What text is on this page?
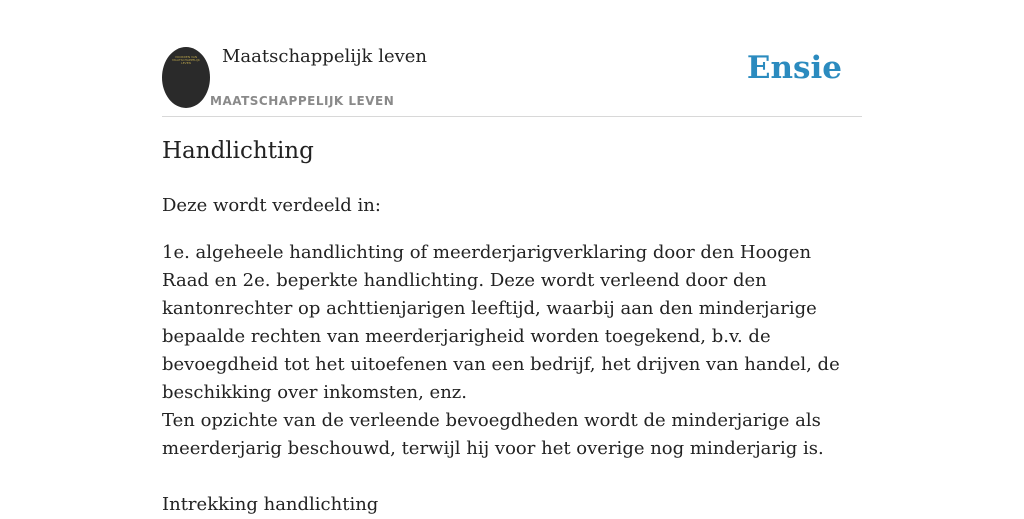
VOORDEN VAN MAATSCHAPPELIJK LEVEN	Maatschappelijk leven
MAATSCHAPPELIJK LEVEN
Ensie
Handlichting

Deze wordt verdeeld in:

1e. algeheele handlichting of meerderjarigverklaring door den Hoogen Raad en 2e. beperkte handlichting. Deze wordt verleend door den kantonrechter op achttienjarigen leeftijd, waarbij aan den minderjarige bepaalde rechten van meerderjarigheid worden toegekend, b.v. de bevoegdheid tot het uitoefenen van een bedrijf, het drijven van handel, de beschikking over inkomsten, enz.

Ten opzichte van de verleende bevoegdheden wordt de minderjarige als meerderjarig beschouwd, terwijl hij voor het overige nog minderjarig is.

Intrekking handlichting
